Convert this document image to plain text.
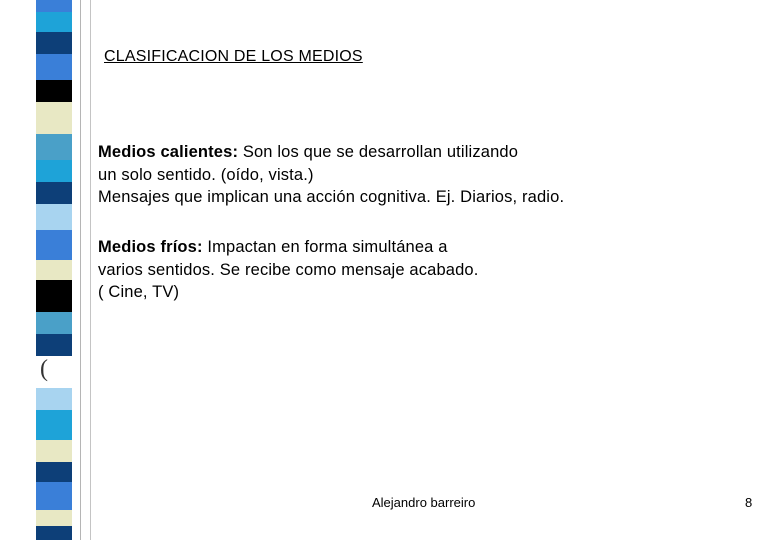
CLASIFICACION DE LOS MEDIOS
Medios calientes: Son los que se desarrollan utilizando
un solo sentido. (oído, vista.)
Mensajes que implican una acción cognitiva. Ej. Diarios, radio.
Medios fríos: Impactan en forma simultánea a
varios sentidos. Se recibe como mensaje acabado.
( Cine, TV)
(
Alejandro barreiro	8
